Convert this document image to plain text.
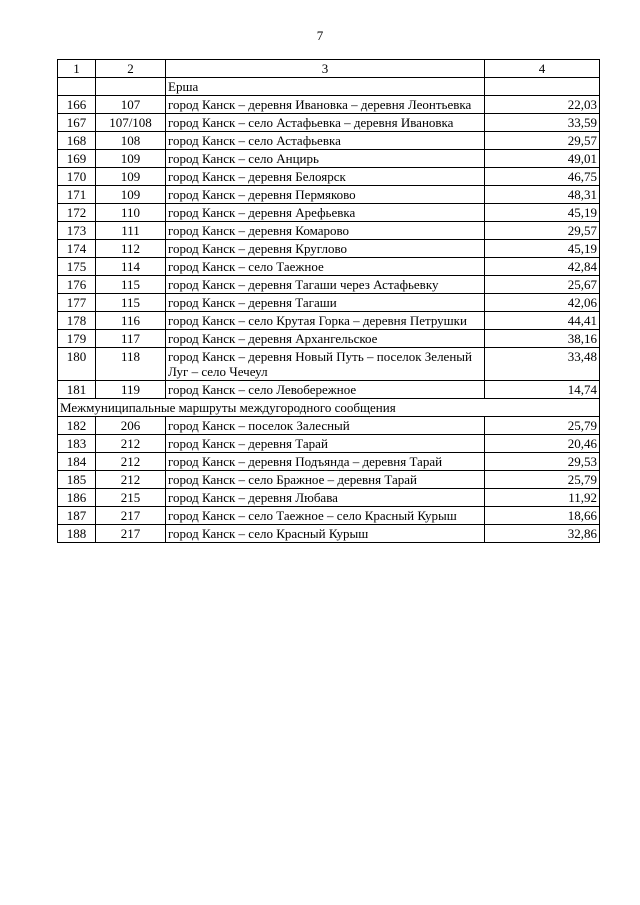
7
1	2	3	4
		Ерша	
166	107	город Канск – деревня Ивановка – деревня Леонтьевка	22,03
167	107/108	город Канск – село Астафьевка – деревня Ивановка	33,59
168	108	город Канск – село Астафьевка	29,57
169	109	город Канск – село Анцирь	49,01
170	109	город Канск – деревня Белоярск	46,75
171	109	город Канск – деревня Пермяково	48,31
172	110	город Канск – деревня Арефьевка	45,19
173	111	город Канск – деревня Комарово	29,57
174	112	город Канск – деревня Круглово	45,19
175	114	город Канск – село Таежное	42,84
176	115	город Канск – деревня Тагаши через Астафьевку	25,67
177	115	город Канск – деревня Тагаши	42,06
178	116	город Канск – село Крутая Горка – деревня Петрушки	44,41
179	117	город Канск – деревня Архангельское	38,16
180	118	город Канск – деревня Новый Путь – поселок Зеленый Луг – село Чечеул	33,48
181	119	город Канск – село Левобережное	14,74
Межмуниципальные маршруты междугородного сообщения			
182	206	город Канск – поселок Залесный	25,79
183	212	город Канск – деревня Тарай	20,46
184	212	город Канск – деревня Подъянда – деревня Тарай	29,53
185	212	город Канск – село Бражное – деревня Тарай	25,79
186	215	город Канск – деревня Любава	11,92
187	217	город Канск – село Таежное – село Красный Курыш	18,66
188	217	город Канск – село Красный Курыш	32,86
